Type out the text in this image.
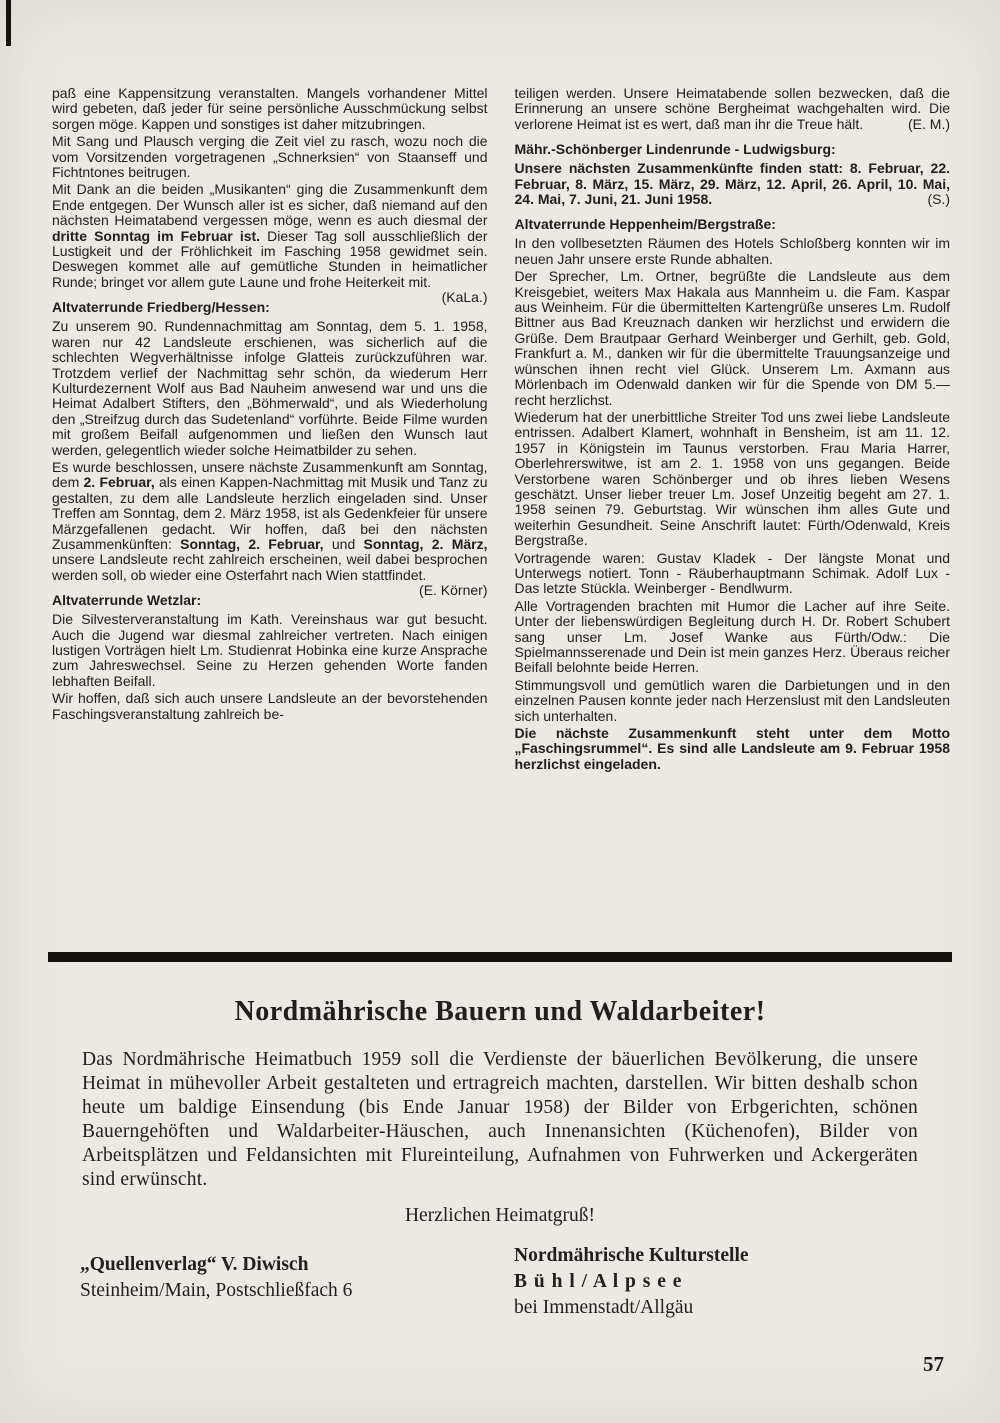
paß eine Kappensitzung veranstalten. Mangels vorhandener Mittel wird gebeten, daß jeder für seine persönliche Ausschmückung selbst sorgen möge. Kappen und sonstiges ist daher mitzubringen.

Mit Sang und Plausch verging die Zeit viel zu rasch, wozu noch die vom Vorsitzenden vorgetragenen „Schnerksien“ von Staanseff und Fichtntones beitrugen.

Mit Dank an die beiden „Musikanten“ ging die Zusammenkunft dem Ende entgegen. Der Wunsch aller ist es sicher, daß niemand auf den nächsten Heimatabend vergessen möge, wenn es auch diesmal der dritte Sonntag im Februar ist. Dieser Tag soll ausschließlich der Lustigkeit und der Fröhlichkeit im Fasching 1958 gewidmet sein. Deswegen kommet alle auf gemütliche Stunden in heimatlicher Runde; bringet vor allem gute Laune und frohe Heiterkeit mit.
(KaLa.)

Altvaterrunde Friedberg/Hessen:

Zu unserem 90. Rundennachmittag am Sonntag, dem 5. 1. 1958, waren nur 42 Landsleute erschienen, was sicherlich auf die schlechten Wegverhältnisse infolge Glatteis zurückzuführen war. Trotzdem verlief der Nachmittag sehr schön, da wiederum Herr Kulturdezernent Wolf aus Bad Nauheim anwesend war und uns die Heimat Adalbert Stifters, den „Böhmerwald“, und als Wiederholung den „Streifzug durch das Sudetenland“ vorführte. Beide Filme wurden mit großem Beifall aufgenommen und ließen den Wunsch laut werden, gelegentlich wieder solche Heimatbilder zu sehen.

Es wurde beschlossen, unsere nächste Zusammenkunft am Sonntag, dem 2. Februar, als einen Kappen-Nachmittag mit Musik und Tanz zu gestalten, zu dem alle Landsleute herzlich eingeladen sind. Unser Treffen am Sonntag, dem 2. März 1958, ist als Gedenkfeier für unsere Märzgefallenen gedacht. Wir hoffen, daß bei den nächsten Zusammenkünften: Sonntag, 2. Februar, und Sonntag, 2. März, unsere Landsleute recht zahlreich erscheinen, weil dabei besprochen werden soll, ob wieder eine Osterfahrt nach Wien stattfindet.
(E. Körner)

Altvaterrunde Wetzlar:

Die Silvesterveranstaltung im Kath. Vereinshaus war gut besucht. Auch die Jugend war diesmal zahlreicher vertreten. Nach einigen lustigen Vorträgen hielt Lm. Studienrat Hobinka eine kurze Ansprache zum Jahreswechsel. Seine zu Herzen gehenden Worte fanden lebhaften Beifall.

Wir hoffen, daß sich auch unsere Landsleute an der bevorstehenden Faschingsveranstaltung zahlreich be-

teiligen werden. Unsere Heimatabende sollen bezwecken, daß die Erinnerung an unsere schöne Bergheimat wachgehalten wird. Die verlorene Heimat ist es wert, daß man ihr die Treue hält.	(E. M.)

Mähr.-Schönberger Lindenrunde - Ludwigsburg:

Unsere nächsten Zusammenkünfte finden statt: 8. Februar, 22. Februar, 8. März, 15. März, 29. März, 12. April, 26. April, 10. Mai, 24. Mai, 7. Juni, 21. Juni 1958.	(S.)

Altvaterrunde Heppenheim/Bergstraße:

In den vollbesetzten Räumen des Hotels Schloßberg konnten wir im neuen Jahr unsere erste Runde abhalten.

Der Sprecher, Lm. Ortner, begrüßte die Landsleute aus dem Kreisgebiet, weiters Max Hakala aus Mannheim u. die Fam. Kaspar aus Weinheim. Für die übermittelten Kartengrüße unseres Lm. Rudolf Bittner aus Bad Kreuznach danken wir herzlichst und erwidern die Grüße. Dem Brautpaar Gerhard Weinberger und Gerhilt, geb. Gold, Frankfurt a. M., danken wir für die übermittelte Trauungsanzeige und wünschen ihnen recht viel Glück. Unserem Lm. Axmann aus Mörlenbach im Odenwald danken wir für die Spende von DM 5.— recht herzlichst.

Wiederum hat der unerbittliche Streiter Tod uns zwei liebe Landsleute entrissen. Adalbert Klamert, wohnhaft in Bensheim, ist am 11. 12. 1957 in Königstein im Taunus verstorben. Frau Maria Harrer, Oberlehrerswitwe, ist am 2. 1. 1958 von uns gegangen. Beide Verstorbene waren Schönberger und ob ihres lieben Wesens geschätzt. Unser lieber treuer Lm. Josef Unzeitig begeht am 27. 1. 1958 seinen 79. Geburtstag. Wir wünschen ihm alles Gute und weiterhin Gesundheit. Seine Anschrift lautet: Fürth/Odenwald, Kreis Bergstraße.

Vortragende waren: Gustav Kladek - Der längste Monat und Unterwegs notiert. Tonn - Räuberhauptmann Schimak. Adolf Lux - Das letzte Stückla. Weinberger - Bendlwurm.

Alle Vortragenden brachten mit Humor die Lacher auf ihre Seite. Unter der liebenswürdigen Begleitung durch H. Dr. Robert Schubert sang unser Lm. Josef Wanke aus Fürth/Odw.: Die Spielmannsserenade und Dein ist mein ganzes Herz. Überaus reicher Beifall belohnte beide Herren.

Stimmungsvoll und gemütlich waren die Darbietungen und in den einzelnen Pausen konnte jeder nach Herzenslust mit den Landsleuten sich unterhalten.

Die nächste Zusammenkunft steht unter dem Motto „Faschingsrummel“. Es sind alle Landsleute am 9. Februar 1958 herzlichst eingeladen.

Nordmährische Bauern und Waldarbeiter!

Das Nordmährische Heimatbuch 1959 soll die Verdienste der bäuerlichen Bevölkerung, die unsere Heimat in mühevoller Arbeit gestalteten und ertragreich machten, darstellen. Wir bitten deshalb schon heute um baldige Einsendung (bis Ende Januar 1958) der Bilder von Erbgerichten, schönen Bauerngehöften und Waldarbeiter-Häuschen, auch Innenansichten (Küchenofen), Bilder von Arbeitsplätzen und Feldansichten mit Flureinteilung, Aufnahmen von Fuhrwerken und Ackergeräten sind erwünscht.

Herzlichen Heimatgruß!

„Quellenverlag“ V. Diwisch
Steinheim/Main, Postschließfach 6
Nordmährische Kulturstelle
B ü h l / A l p s e e
bei Immenstadt/Allgäu
57
